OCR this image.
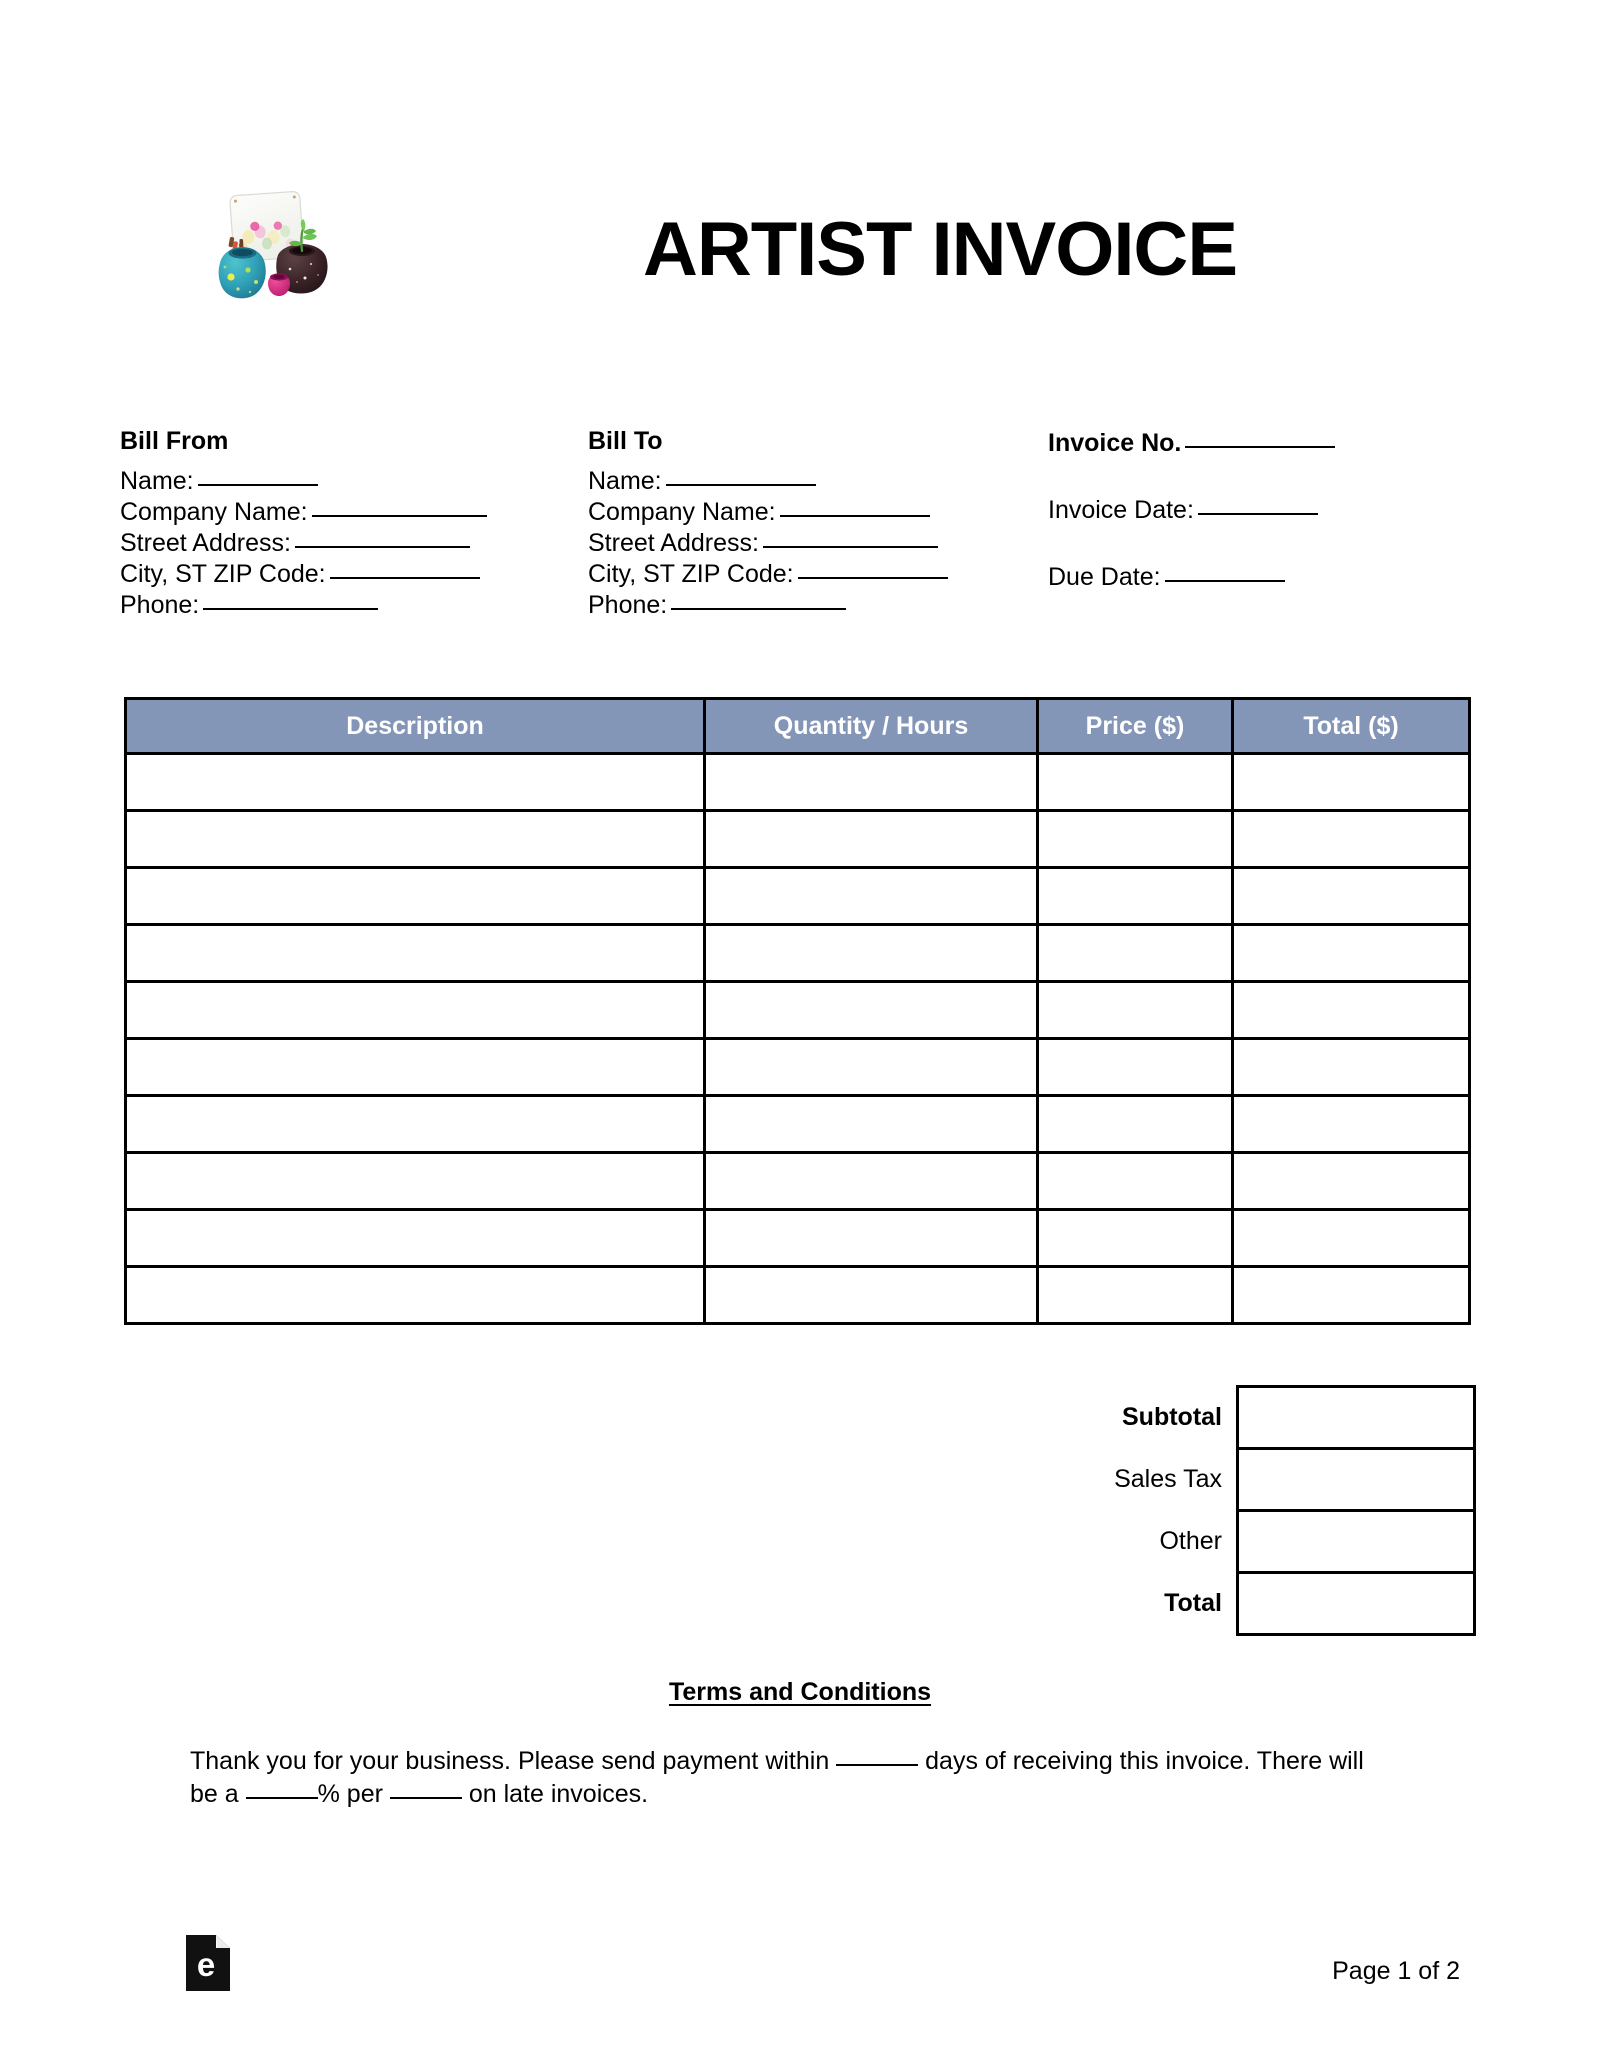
ARTIST INVOICE
Bill From
Name:
Company Name:
Street Address:
City, ST ZIP Code:
Phone:
Bill To
Name:
Company Name:
Street Address:
City, ST ZIP Code:
Phone:
Invoice No.
Invoice Date:
Due Date:
Description	Quantity / Hours	Price ($)	Total ($)

Subtotal	
Sales Tax	
Other	
Total	
Terms and Conditions
Thank you for your business. Please send payment within	days of receiving this invoice. There will be a	% per	on late invoices.
e	Page 1 of 2
